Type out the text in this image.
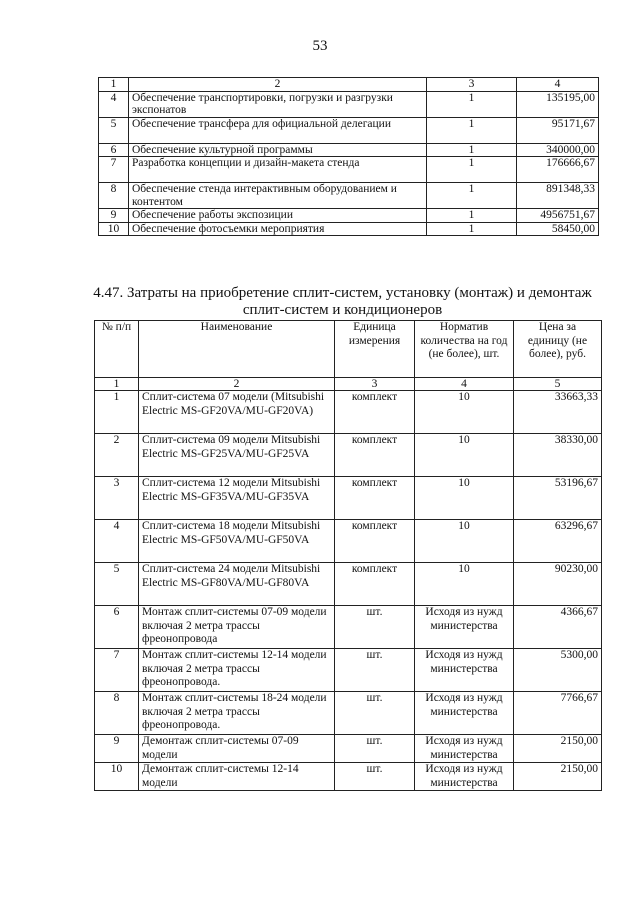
53
1	2	3	4
4	Обеспечение транспортировки, погрузки и разгрузки экспонатов	1	135195,00
5	Обеспечение трансфера для официальной делегации	1	95171,67
6	Обеспечение культурной программы	1	340000,00
7	Разработка концепции и дизайн-макета стенда	1	176666,67
8	Обеспечение стенда интерактивным оборудованием и контентом	1	891348,33
9	Обеспечение работы экспозиции	1	4956751,67
10	Обеспечение фотосъемки мероприятия	1	58450,00
4.47. Затраты на приобретение сплит-систем, установку (монтаж) и демонтаж
сплит-систем и кондиционеров
№ п/п	Наименование	Единица измерения	Норматив количества на год (не более), шт.	Цена за единицу (не более), руб.
1	2	3	4	5
1	Сплит-система 07 модели (Mitsubishi Electric MS-GF20VA/MU-GF20VA)	комплект	10	33663,33
2	Сплит-система 09 модели Mitsubishi Electric MS-GF25VA/MU-GF25VA	комплект	10	38330,00
3	Сплит-система 12 модели Mitsubishi Electric MS-GF35VA/MU-GF35VA	комплект	10	53196,67
4	Сплит-система 18 модели Mitsubishi Electric MS-GF50VA/MU-GF50VA	комплект	10	63296,67
5	Сплит-система 24 модели Mitsubishi Electric MS-GF80VA/MU-GF80VA	комплект	10	90230,00
6	Монтаж сплит-системы 07-09 модели включая 2 метра трассы фреонопровода	шт.	Исходя из нужд министерства	4366,67
7	Монтаж сплит-системы 12-14 модели включая 2 метра трассы фреонопровода.	шт.	Исходя из нужд министерства	5300,00
8	Монтаж сплит-системы 18-24 модели включая 2 метра трассы фреонопровода.	шт.	Исходя из нужд министерства	7766,67
9	Демонтаж сплит-системы 07-09 модели	шт.	Исходя из нужд министерства	2150,00
10	Демонтаж сплит-системы 12-14 модели	шт.	Исходя из нужд министерства	2150,00
